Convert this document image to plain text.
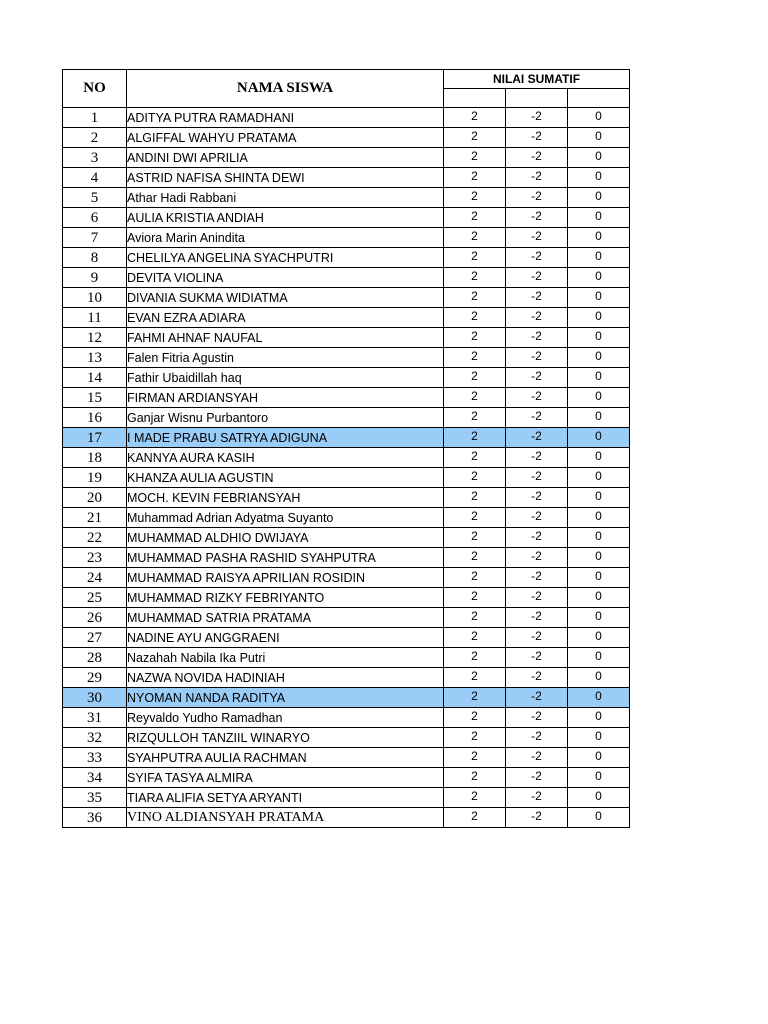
NO	NAMA SISWA	NILAI SUMATIF		

1	ADITYA PUTRA RAMADHANI	2	-2	0
2	ALGIFFAL WAHYU PRATAMA	2	-2	0
3	ANDINI DWI APRILIA	2	-2	0
4	ASTRID NAFISA SHINTA DEWI	2	-2	0
5	Athar Hadi Rabbani	2	-2	0
6	AULIA KRISTIA ANDIAH	2	-2	0
7	Aviora Marin Anindita	2	-2	0
8	CHELILYA ANGELINA SYACHPUTRI	2	-2	0
9	DEVITA VIOLINA	2	-2	0
10	DIVANIA SUKMA WIDIATMA	2	-2	0
11	EVAN EZRA ADIARA	2	-2	0
12	FAHMI AHNAF NAUFAL	2	-2	0
13	Falen Fitria Agustin	2	-2	0
14	Fathir Ubaidillah haq	2	-2	0
15	FIRMAN ARDIANSYAH	2	-2	0
16	Ganjar Wisnu Purbantoro	2	-2	0
17	I MADE PRABU SATRYA ADIGUNA	2	-2	0
18	KANNYA AURA KASIH	2	-2	0
19	KHANZA AULIA AGUSTIN	2	-2	0
20	MOCH. KEVIN FEBRIANSYAH	2	-2	0
21	Muhammad Adrian Adyatma Suyanto	2	-2	0
22	MUHAMMAD ALDHIO DWIJAYA	2	-2	0
23	MUHAMMAD PASHA RASHID SYAHPUTRA	2	-2	0
24	MUHAMMAD RAISYA APRILIAN ROSIDIN	2	-2	0
25	MUHAMMAD RIZKY FEBRIYANTO	2	-2	0
26	MUHAMMAD SATRIA PRATAMA	2	-2	0
27	NADINE AYU ANGGRAENI	2	-2	0
28	Nazahah Nabila Ika Putri	2	-2	0
29	NAZWA NOVIDA HADINIAH	2	-2	0
30	NYOMAN NANDA RADITYA	2	-2	0
31	Reyvaldo Yudho Ramadhan	2	-2	0
32	RIZQULLOH TANZIIL WINARYO	2	-2	0
33	SYAHPUTRA AULIA RACHMAN	2	-2	0
34	SYIFA TASYA ALMIRA	2	-2	0
35	TIARA ALIFIA SETYA ARYANTI	2	-2	0
36	VINO ALDIANSYAH PRATAMA	2	-2	0
